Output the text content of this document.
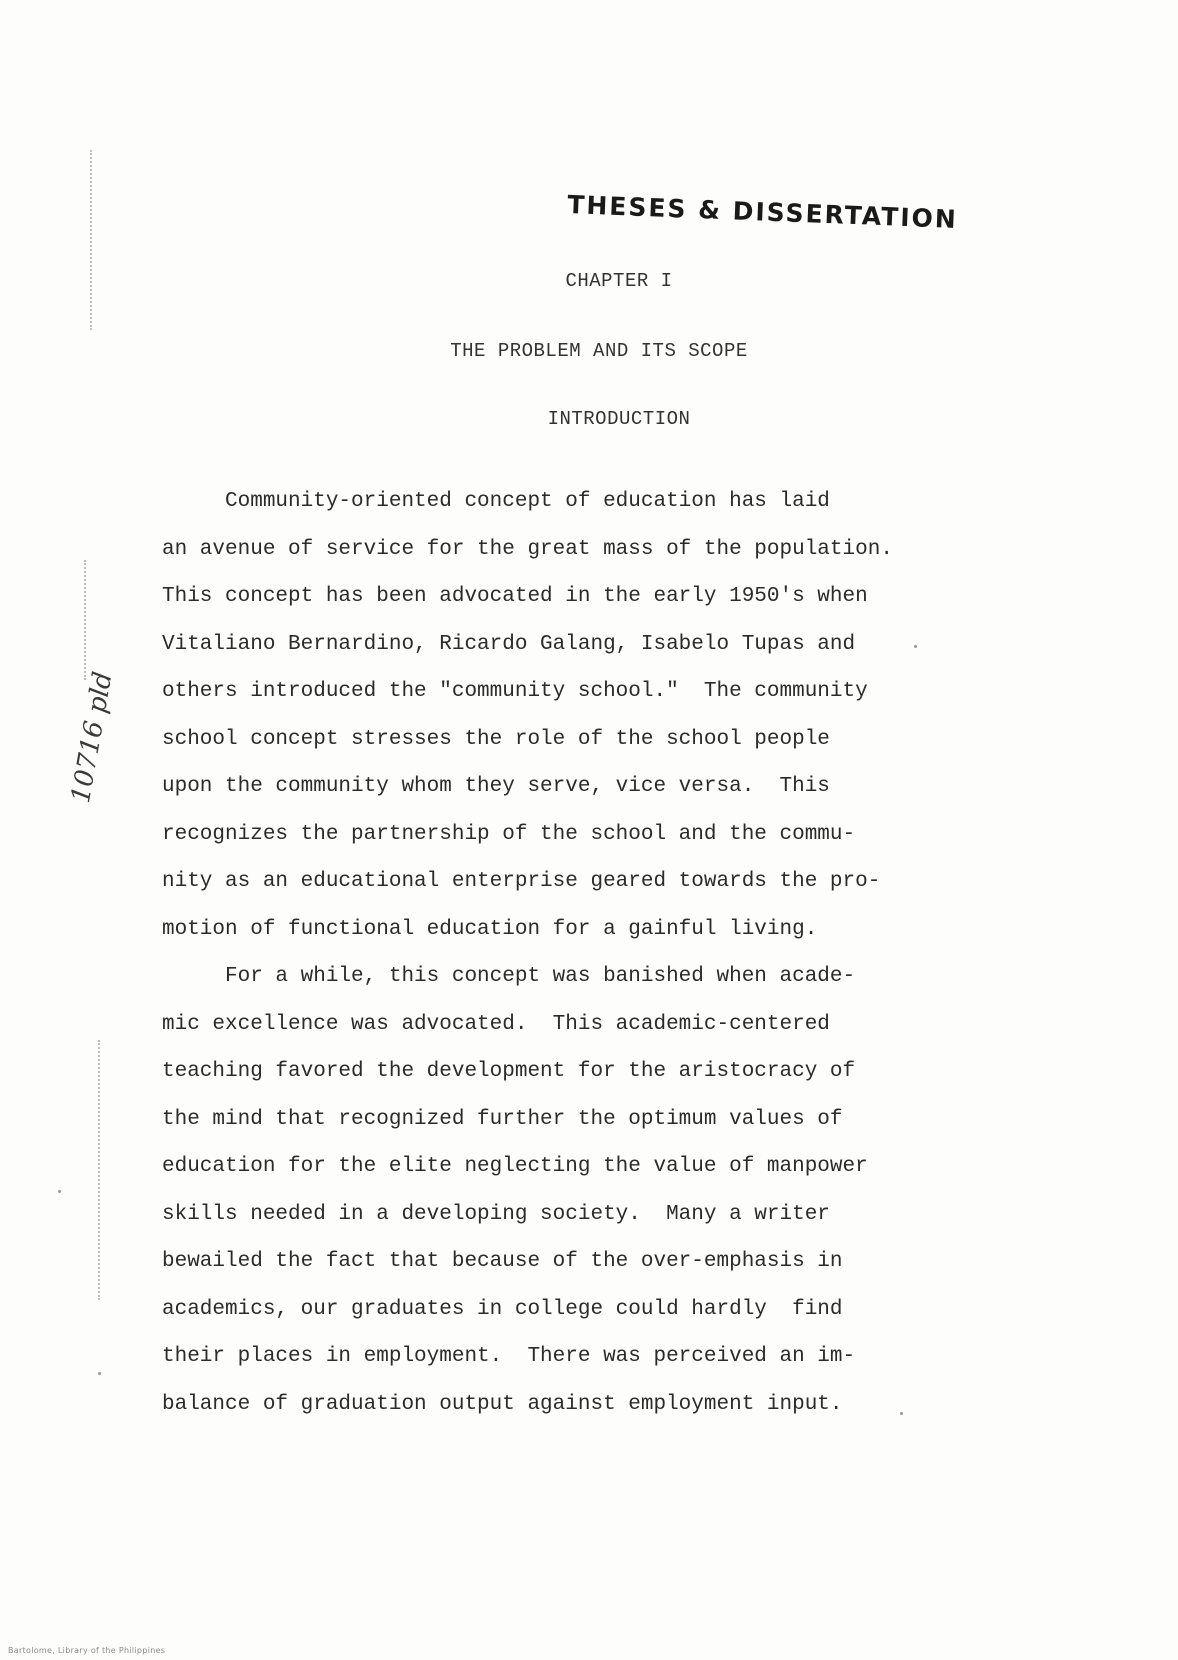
THESES & DISSERTATION
CHAPTER I
THE PROBLEM AND ITS SCOPE
INTRODUCTION
Community-oriented concept of education has laid
an avenue of service for the great mass of the population.
This concept has been advocated in the early 1950's when
Vitaliano Bernardino, Ricardo Galang, Isabelo Tupas and
others introduced the "community school."  The community
school concept stresses the role of the school people
upon the community whom they serve, vice versa.  This
recognizes the partnership of the school and the commu-
nity as an educational enterprise geared towards the pro-
motion of functional education for a gainful living.
For a while, this concept was banished when acade-
mic excellence was advocated.  This academic-centered
teaching favored the development for the aristocracy of
the mind that recognized further the optimum values of
education for the elite neglecting the value of manpower
skills needed in a developing society.  Many a writer
bewailed the fact that because of the over-emphasis in
academics, our graduates in college could hardly  find
their places in employment.  There was perceived an im-
balance of graduation output against employment input.
10716 pld
Bartolome, Library of the Philippines
